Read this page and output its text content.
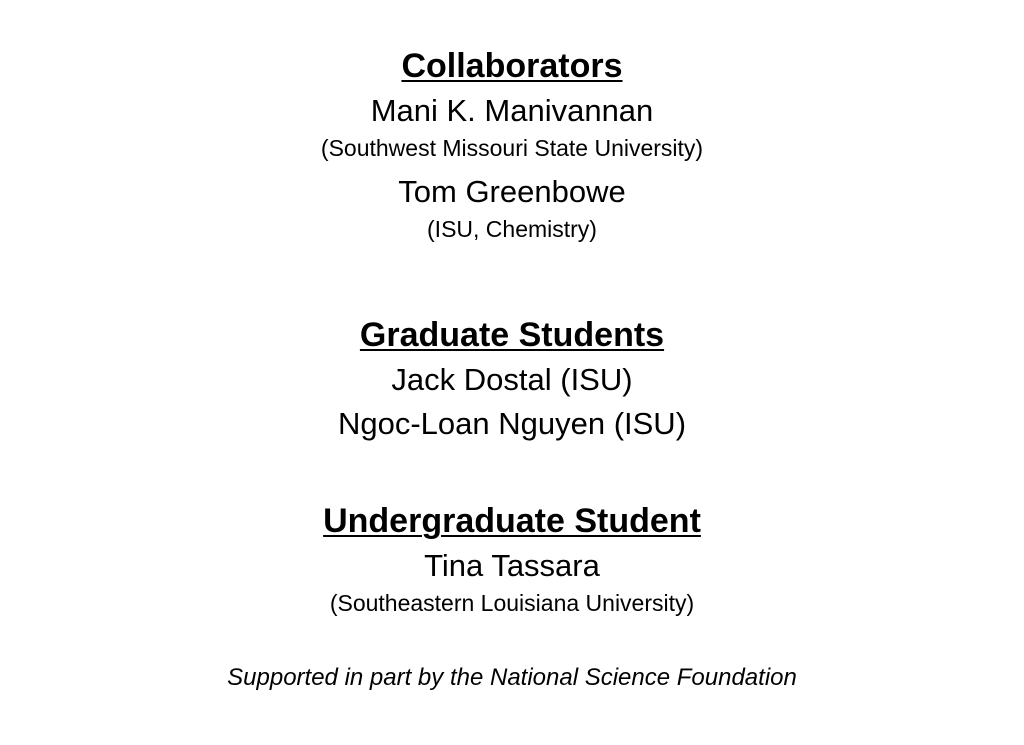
Collaborators
Mani K. Manivannan
(Southwest Missouri State University)
Tom Greenbowe
(ISU, Chemistry)
Graduate Students
Jack Dostal (ISU)
Ngoc-Loan Nguyen (ISU)
Undergraduate Student
Tina Tassara
(Southeastern Louisiana University)
Supported in part by the National Science Foundation
